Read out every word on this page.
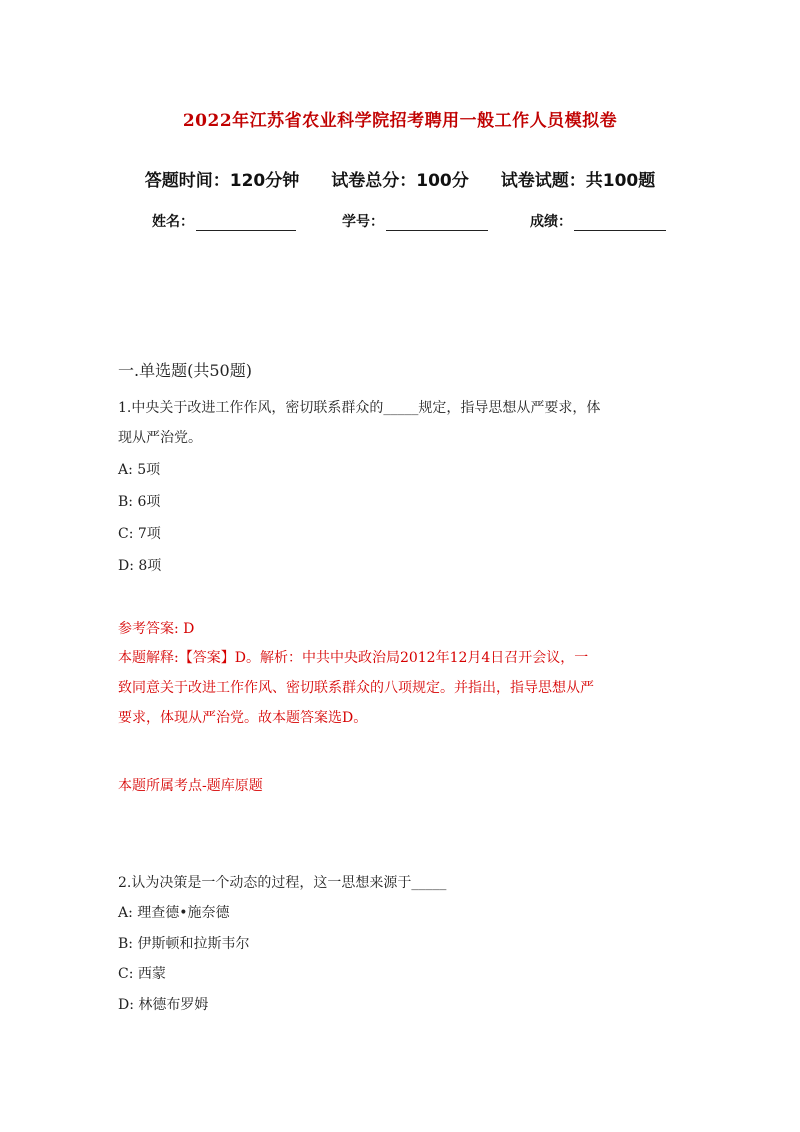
2022年江苏省农业科学院招考聘用一般工作人员模拟卷
答题时间：120分钟 试卷总分：100分 试卷试题：共100题
姓名：	学号：	成绩：
一.单选题(共50题)
1.中央关于改进工作作风，密切联系群众的_____规定，指导思想从严要求，体
现从严治党。
A: 5项
B: 6项
C: 7项
D: 8项
参考答案: D
本题解释:【答案】D。解析：中共中央政治局2012年12月4日召开会议，一
致同意关于改进工作作风、密切联系群众的八项规定。并指出，指导思想从严
要求，体现从严治党。故本题答案选D。
本题所属考点-题库原题
2.认为决策是一个动态的过程，这一思想来源于_____
A: 理查德•施奈德
B: 伊斯顿和拉斯韦尔
C: 西蒙
D: 林德布罗姆
